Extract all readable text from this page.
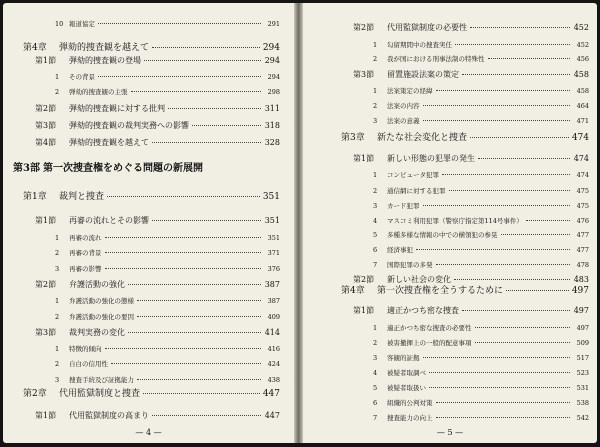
10 報道協定	291
第4章 弾劾的捜査観を越えて	294
第1節 弾劾的捜査観の登場	294
1 その背景	294
2 弾劾的捜査観の主張	298
第2節 弾劾的捜査観に対する批判	311
第3節 弾劾的捜査観の裁判実務への影響	318
第4節 弾劾的捜査観を越えて	328
第3部 第一次捜査権をめぐる問題の新展開
第1章 裁判と捜査	351
第1節 再審の流れとその影響	351
1 再審の流れ	351
2 再審の背景	371
3 再審の影響	376
第2節 弁護活動の強化	387
1 弁護活動の強化の態様	387
2 弁護活動の強化の要因	409
第3節 裁判実務の変化	414
1 特徴的傾向	416
2 自白の信用性	424
3 捜査手続及び証拠能力	438
第2章 代用監獄制度と捜査	447
第1節 代用監獄制度の高まり	447
— 4 —
第2節 代用監獄制度の必要性	452
1 勾留期間中の捜査実任	452
2 我が国における刑事法制の特殊性	456
第3節 留置施設法案の策定	458
1 法案策定の経緯	458
2 法案の内容	464
3 法案の意義	471
第3章 新たな社会変化と捜査	474
第1節 新しい形態の犯罪の発生	474
1 コンピュータ犯罪	474
2 通信網に対する犯罪	475
3 カード犯罪	475
4 マスコミ利用犯罪（警察庁指定第114号事件）	476
5 多種多様な情報の中での横領犯の参晃	477
6 経済事犯	477
7 国際犯罪の多発	478
第2節 新しい社会の変化	483
第4章 第一次捜査権を全うするために	497
第1節 適正かつち密な捜査	497
1 適正かつち密な捜査の必要性	497
2 被害撤揮上の一般的配意事項	509
3 客観的証拠	517
4 被疑者取調べ	523
5 被疑者取扱い	531
6 組織的公判対策	538
7 捜査能力の向上	542
— 5 —
